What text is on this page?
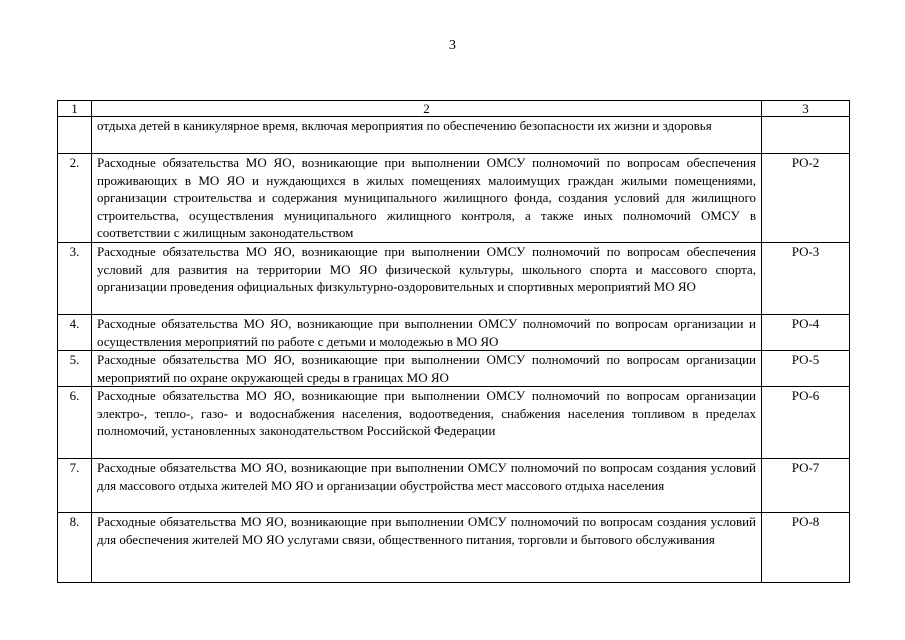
3
1	2	3
	отдыха детей в каникулярное время, включая мероприятия по обеспечению безопасности их жизни и здоровья	
2.	Расходные обязательства МО ЯО, возникающие при выполнении ОМСУ полномочий по вопросам обеспечения проживающих в МО ЯО и нуждающихся в жилых помещениях малоимущих граждан жилыми помещениями, организации строительства и содержания муниципального жилищного фонда, создания условий для жилищного строительства, осуществления муниципального жилищного контроля, а также иных полномочий ОМСУ в соответствии с жилищным законодательством	РО-2
3.	Расходные обязательства МО ЯО, возникающие при выполнении ОМСУ полномочий по вопросам обеспечения условий для развития на территории МО ЯО физической культуры, школьного спорта и массового спорта, организации проведения официальных физкультурно-оздоровительных и спортивных мероприятий МО ЯО	РО-3
4.	Расходные обязательства МО ЯО, возникающие при выполнении ОМСУ полномочий по вопросам организации и осуществления мероприятий по работе с детьми и молодежью в МО ЯО	РО-4
5.	Расходные обязательства МО ЯО, возникающие при выполнении ОМСУ полномочий по вопросам организации мероприятий по охране окружающей среды в границах МО ЯО	РО-5
6.	Расходные обязательства МО ЯО, возникающие при выполнении ОМСУ полномочий по вопросам организации электро-, тепло-, газо- и водоснабжения населения, водоотведения, снабжения населения топливом в пределах полномочий, установленных законодательством Российской Федерации	РО-6
7.	Расходные обязательства МО ЯО, возникающие при выполнении ОМСУ полномочий по вопросам создания условий для массового отдыха жителей МО ЯО и организации обустройства мест массового отдыха населения	РО-7
8.	Расходные обязательства МО ЯО, возникающие при выполнении ОМСУ полномочий по вопросам создания условий для обеспечения жителей МО ЯО услугами связи, общественного питания, торговли и бытового обслуживания	РО-8
